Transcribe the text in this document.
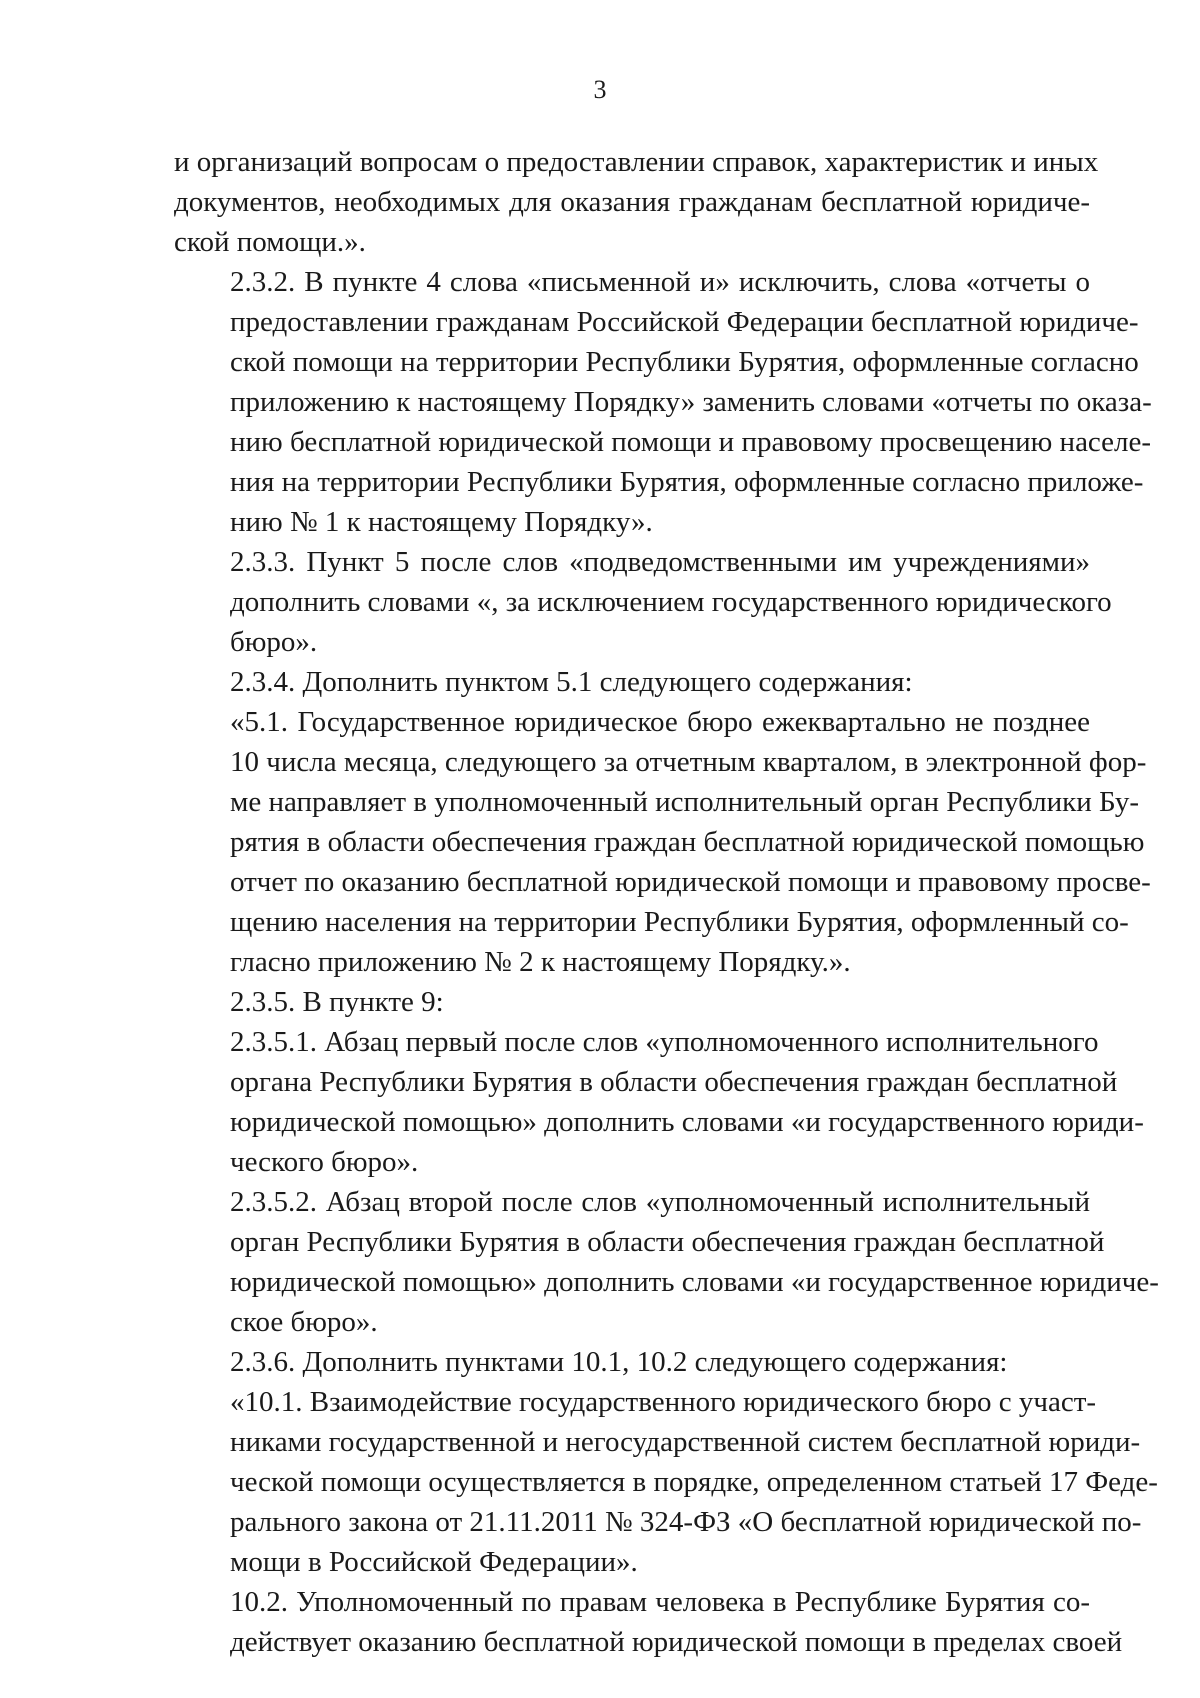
3

и организаций вопросам о предоставлении справок, характеристик и иных
документов, необходимых для оказания гражданам бесплатной юридиче-
ской помощи.».

2.3.2. В пункте 4 слова «письменной и» исключить, слова «отчеты о
предоставлении гражданам Российской Федерации бесплатной юридиче-
ской помощи на территории Республики Бурятия, оформленные согласно
приложению к настоящему Порядку» заменить словами «отчеты по оказа-
нию бесплатной юридической помощи и правовому просвещению населе-
ния на территории Республики Бурятия, оформленные согласно приложе-
нию № 1 к настоящему Порядку».

2.3.3. Пункт 5 после слов «подведомственными им учреждениями»
дополнить словами «, за исключением государственного юридического
бюро».

2.3.4. Дополнить пунктом 5.1 следующего содержания:

«5.1. Государственное юридическое бюро ежеквартально не позднее
10 числа месяца, следующего за отчетным кварталом, в электронной фор-
ме направляет в уполномоченный исполнительный орган Республики Бу-
рятия в области обеспечения граждан бесплатной юридической помощью
отчет по оказанию бесплатной юридической помощи и правовому просве-
щению населения на территории Республики Бурятия, оформленный со-
гласно приложению № 2 к настоящему Порядку.».

2.3.5. В пункте 9:

2.3.5.1. Абзац первый после слов «уполномоченного исполнительного
органа Республики Бурятия в области обеспечения граждан бесплатной
юридической помощью» дополнить словами «и государственного юриди-
ческого бюро».

2.3.5.2. Абзац второй после слов «уполномоченный исполнительный
орган Республики Бурятия в области обеспечения граждан бесплатной
юридической помощью» дополнить словами «и государственное юридиче-
ское бюро».

2.3.6. Дополнить пунктами 10.1, 10.2 следующего содержания:

«10.1. Взаимодействие государственного юридического бюро с участ-
никами государственной и негосударственной систем бесплатной юриди-
ческой помощи осуществляется в порядке, определенном статьей 17 Феде-
рального закона от 21.11.2011 № 324-ФЗ «О бесплатной юридической по-
мощи в Российской Федерации».

10.2. Уполномоченный по правам человека в Республике Бурятия со-
действует оказанию бесплатной юридической помощи в пределах своей
